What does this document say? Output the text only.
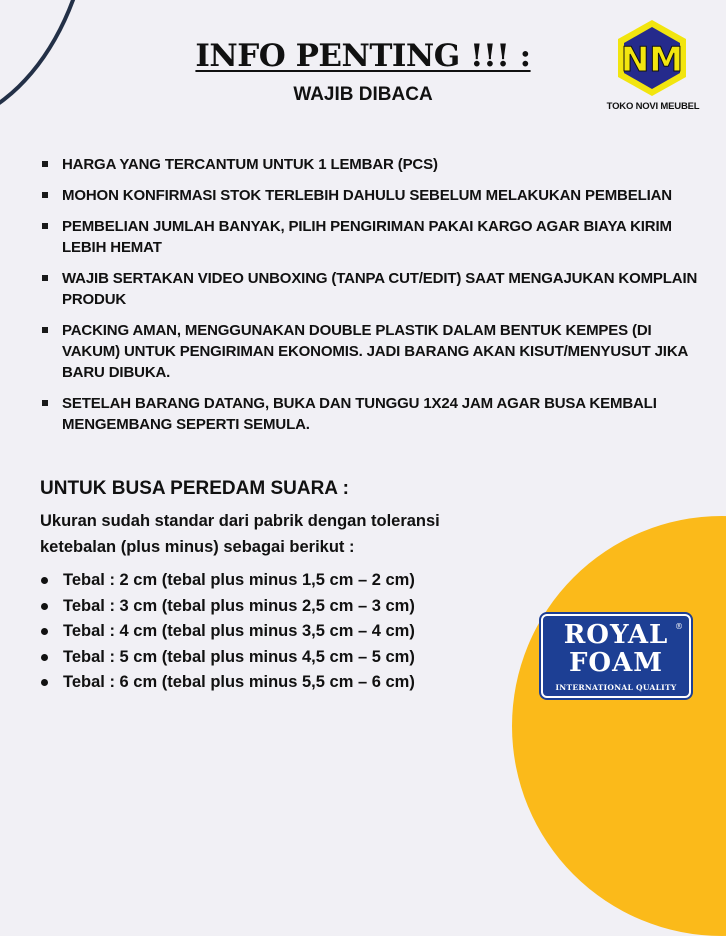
INFO PENTING !!! :
WAJIB DIBACA
NM
TOKO NOVI MEUBEL
HARGA YANG TERCANTUM UNTUK 1 LEMBAR (PCS)
MOHON KONFIRMASI STOK TERLEBIH DAHULU SEBELUM MELAKUKAN PEMBELIAN
PEMBELIAN JUMLAH BANYAK, PILIH PENGIRIMAN PAKAI KARGO AGAR BIAYA KIRIM LEBIH HEMAT
WAJIB SERTAKAN VIDEO UNBOXING (TANPA CUT/EDIT) SAAT MENGAJUKAN KOMPLAIN PRODUK
PACKING AMAN, MENGGUNAKAN DOUBLE PLASTIK DALAM BENTUK KEMPES (DI VAKUM) UNTUK PENGIRIMAN EKONOMIS. JADI BARANG AKAN KISUT/MENYUSUT JIKA BARU DIBUKA.
SETELAH BARANG DATANG, BUKA DAN TUNGGU 1X24 JAM AGAR BUSA KEMBALI MENGEMBANG SEPERTI SEMULA.
UNTUK BUSA PEREDAM SUARA :
Ukuran sudah standar dari pabrik dengan toleransi ketebalan (plus minus) sebagai berikut :
Tebal : 2 cm (tebal plus minus 1,5 cm – 2 cm)
Tebal : 3 cm (tebal plus minus 2,5 cm – 3 cm)
Tebal : 4 cm (tebal plus minus 3,5 cm – 4 cm)
Tebal : 5 cm (tebal plus minus 4,5 cm – 5 cm)
Tebal : 6 cm (tebal plus minus 5,5 cm – 6 cm)
ROYAL
FOAM
®
INTERNATIONAL QUALITY
